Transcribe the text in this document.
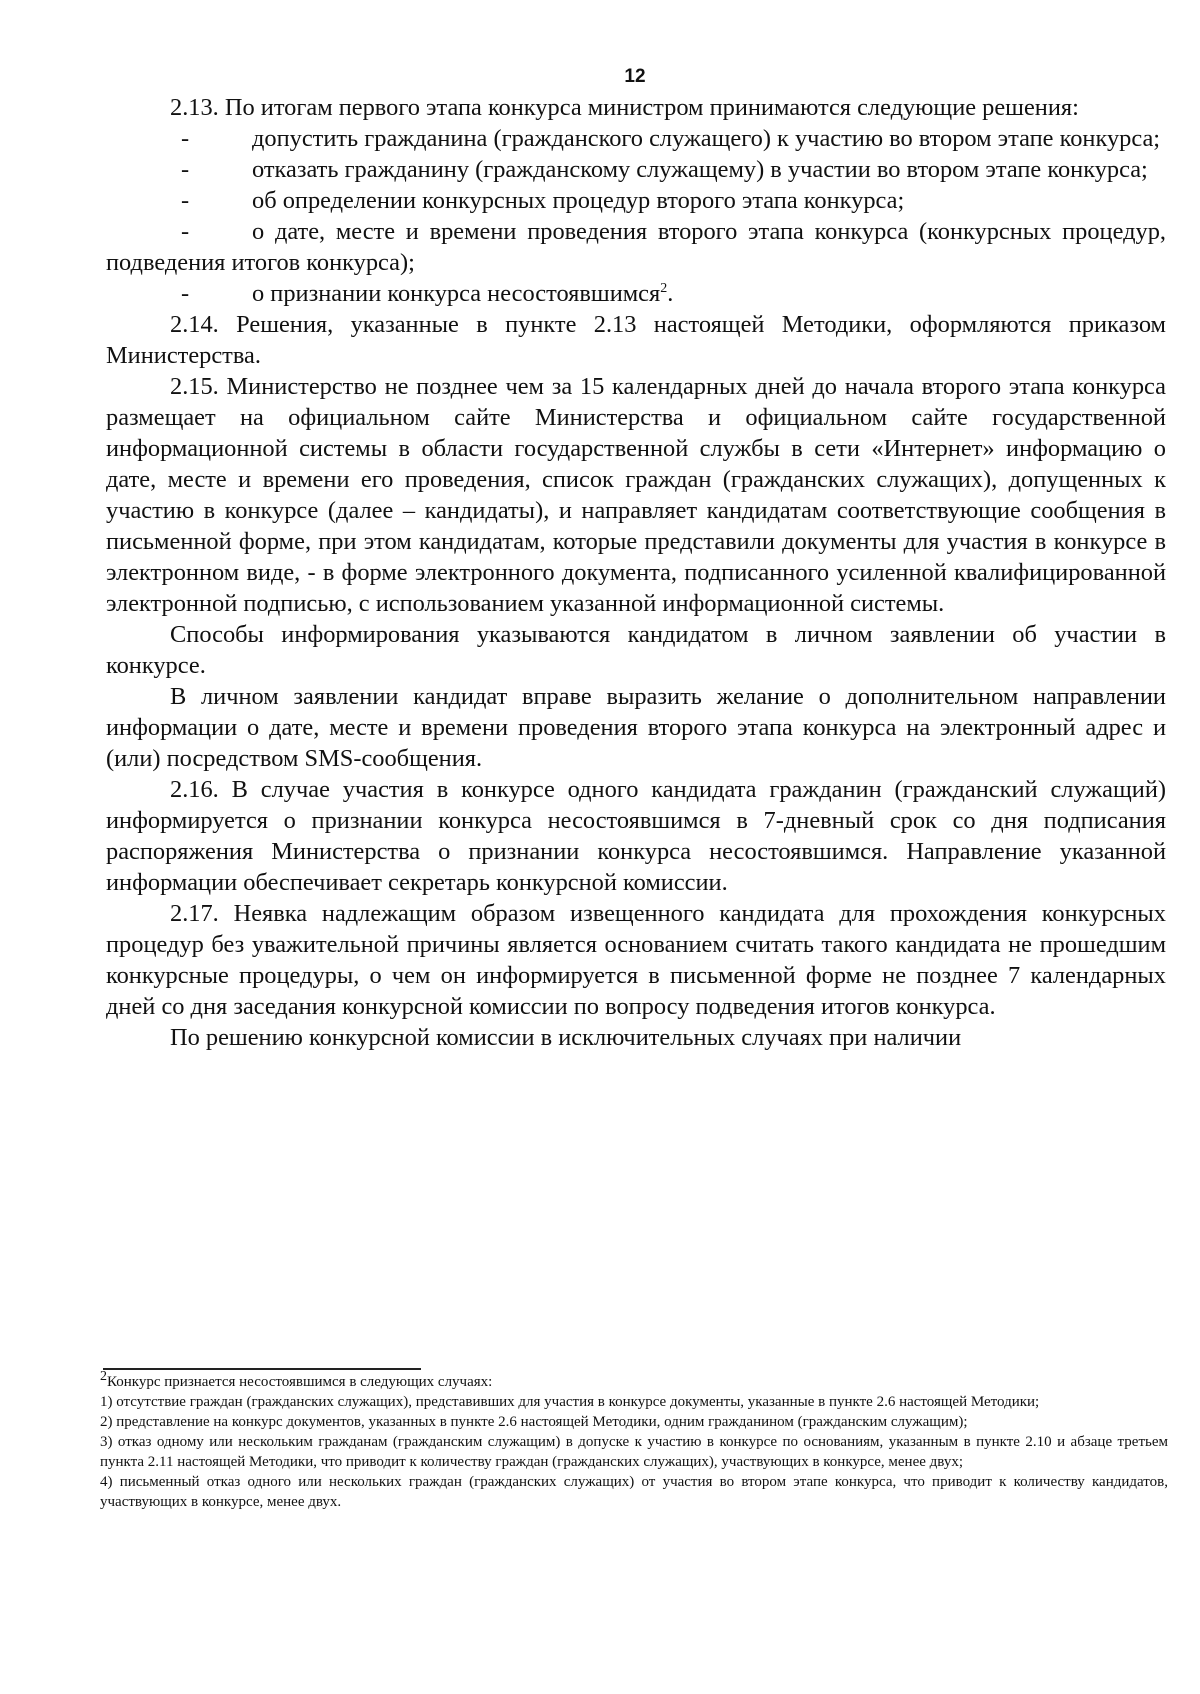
12

2.13. По итогам первого этапа конкурса министром принимаются следующие решения:

-	допустить гражданина (гражданского служащего) к участию во втором этапе конкурса;

-	отказать гражданину (гражданскому служащему) в участии во втором этапе конкурса;

-	об определении конкурсных процедур второго этапа конкурса;

-	о дате, месте и времени проведения второго этапа конкурса (конкурсных процедур, подведения итогов конкурса);

-	о признании конкурса несостоявшимся$^2$.

2.14. Решения, указанные в пункте 2.13 настоящей Методики, оформляются приказом Министерства.

2.15. Министерство не позднее чем за 15 календарных дней до начала второго этапа конкурса размещает на официальном сайте Министерства и официальном сайте государственной информационной системы в области государственной службы в сети «Интернет» информацию о дате, месте и времени его проведения, список граждан (гражданских служащих), допущенных к участию в конкурсе (далее – кандидаты), и направляет кандидатам соответствующие сообщения в письменной форме, при этом кандидатам, которые представили документы для участия в конкурсе в электронном виде, - в форме электронного документа, подписанного усиленной квалифицированной электронной подписью, с использованием указанной информационной системы.

Способы информирования указываются кандидатом в личном заявлении об участии в конкурсе.

В личном заявлении кандидат вправе выразить желание о дополнительном направлении информации о дате, месте и времени проведения второго этапа конкурса на электронный адрес и (или) посредством SMS-сообщения.

2.16. В случае участия в конкурсе одного кандидата гражданин (гражданский служащий) информируется о признании конкурса несостоявшимся в 7-дневный срок со дня подписания распоряжения Министерства о признании конкурса несостоявшимся. Направление указанной информации обеспечивает секретарь конкурсной комиссии.

2.17. Неявка надлежащим образом извещенного кандидата для прохождения конкурсных процедур без уважительной причины является основанием считать такого кандидата не прошедшим конкурсные процедуры, о чем он информируется в письменной форме не позднее 7 календарных дней со дня заседания конкурсной комиссии по вопросу подведения итогов конкурса.

По решению конкурсной комиссии в исключительных случаях при наличии

$^2$Конкурс признается несостоявшимся в следующих случаях:

1) отсутствие граждан (гражданских служащих), представивших для участия в конкурсе документы, указанные в пункте 2.6 настоящей Методики;

2) представление на конкурс документов, указанных в пункте 2.6 настоящей Методики, одним гражданином (гражданским служащим);

3) отказ одному или нескольким гражданам (гражданским служащим) в допуске к участию в конкурсе по основаниям, указанным в пункте 2.10 и абзаце третьем пункта 2.11 настоящей Методики, что приводит к количеству граждан (гражданских служащих), участвующих в конкурсе, менее двух;

4) письменный отказ одного или нескольких граждан (гражданских служащих) от участия во втором этапе конкурса, что приводит к количеству кандидатов, участвующих в конкурсе, менее двух.
